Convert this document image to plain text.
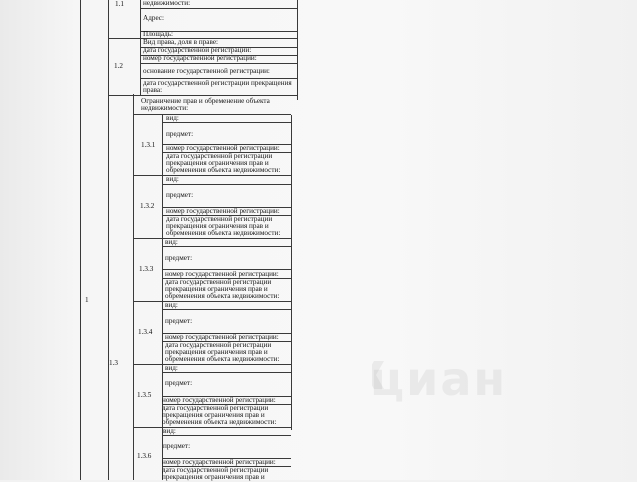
циан
1.1	недвижимости:
Адрес:
Площадь:
1.2
Вид права, доля в праве:
дата государственной регистрации:
номер государственной регистрации:
основание государственной регистрации:
дата государственной регистрации прекращения
права:
1
1.3
Ограничение прав и обременение объекта
недвижимости:
1.3.1
вид:
предмет:
номер государственной регистрации:
дата государственной регистрации
прекращения ограничения прав и
обременения объекта недвижимости:
1.3.2
вид:
предмет:
номер государственной регистрации:
дата государственной регистрации
прекращения ограничения прав и
обременения объекта недвижимости:
1.3.3
вид:
предмет:
номер государственной регистрации:
дата государственной регистрации
прекращения ограничения прав и
обременения объекта недвижимости:
1.3.4
вид:
предмет:
номер государственной регистрации:
дата государственной регистрации
прекращения ограничения прав и
обременения объекта недвижимости:
1.3.5
вид:
предмет:
номер государственной регистрации:
дата государственной регистрации
прекращения ограничения прав и
обременения объекта недвижимости:
1.3.6
вид:
предмет:
номер государственной регистрации:
дата государственной регистрации
прекращения ограничения прав и
